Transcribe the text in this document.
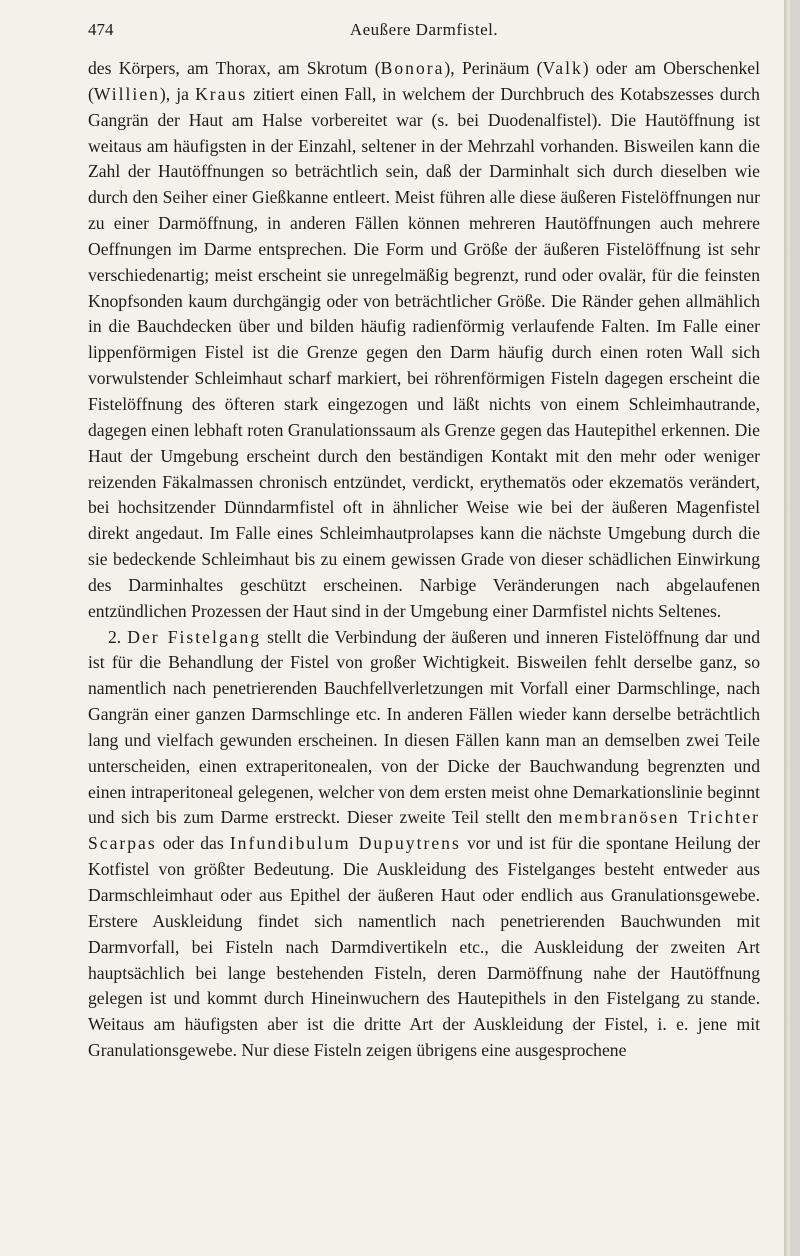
474	Aeußere Darmfistel.

des Körpers, am Thorax, am Skrotum (Bonora), Perinäum (Valk) oder am Oberschenkel (Willien), ja Kraus zitiert einen Fall, in welchem der Durchbruch des Kotabszesses durch Gangrän der Haut am Halse vorbereitet war (s. bei Duodenalfistel). Die Hautöffnung ist weitaus am häufigsten in der Einzahl, seltener in der Mehrzahl vorhanden. Bisweilen kann die Zahl der Hautöffnungen so beträchtlich sein, daß der Darminhalt sich durch dieselben wie durch den Seiher einer Gießkanne entleert. Meist führen alle diese äußeren Fistelöffnungen nur zu einer Darmöffnung, in anderen Fällen können mehreren Hautöffnungen auch mehrere Oeffnungen im Darme entsprechen. Die Form und Größe der äußeren Fistelöffnung ist sehr verschiedenartig; meist erscheint sie unregelmäßig begrenzt, rund oder ovalär, für die feinsten Knopfsonden kaum durchgängig oder von beträchtlicher Größe. Die Ränder gehen allmählich in die Bauchdecken über und bilden häufig radienförmig verlaufende Falten. Im Falle einer lippenförmigen Fistel ist die Grenze gegen den Darm häufig durch einen roten Wall sich vorwulstender Schleimhaut scharf markiert, bei röhrenförmigen Fisteln dagegen erscheint die Fistelöffnung des öfteren stark eingezogen und läßt nichts von einem Schleimhautrande, dagegen einen lebhaft roten Granulationssaum als Grenze gegen das Hautepithel erkennen. Die Haut der Umgebung erscheint durch den beständigen Kontakt mit den mehr oder weniger reizenden Fäkalmassen chronisch entzündet, verdickt, erythematös oder ekzematös verändert, bei hochsitzender Dünndarmfistel oft in ähnlicher Weise wie bei der äußeren Magenfistel direkt angedaut. Im Falle eines Schleimhautprolapses kann die nächste Umgebung durch die sie bedeckende Schleimhaut bis zu einem gewissen Grade von dieser schädlichen Einwirkung des Darminhaltes geschützt erscheinen. Narbige Veränderungen nach abgelaufenen entzündlichen Prozessen der Haut sind in der Umgebung einer Darmfistel nichts Seltenes.

2. Der Fistelgang stellt die Verbindung der äußeren und inneren Fistelöffnung dar und ist für die Behandlung der Fistel von großer Wichtigkeit. Bisweilen fehlt derselbe ganz, so namentlich nach penetrierenden Bauchfellverletzungen mit Vorfall einer Darmschlinge, nach Gangrän einer ganzen Darmschlinge etc. In anderen Fällen wieder kann derselbe beträchtlich lang und vielfach gewunden erscheinen. In diesen Fällen kann man an demselben zwei Teile unterscheiden, einen extraperitonealen, von der Dicke der Bauchwandung begrenzten und einen intraperitoneal gelegenen, welcher von dem ersten meist ohne Demarkationslinie beginnt und sich bis zum Darme erstreckt. Dieser zweite Teil stellt den membranösen Trichter Scarpas oder das Infundibulum Dupuytrens vor und ist für die spontane Heilung der Kotfistel von größter Bedeutung. Die Auskleidung des Fistelganges besteht entweder aus Darmschleimhaut oder aus Epithel der äußeren Haut oder endlich aus Granulationsgewebe. Erstere Auskleidung findet sich namentlich nach penetrierenden Bauchwunden mit Darmvorfall, bei Fisteln nach Darmdivertikeln etc., die Auskleidung der zweiten Art hauptsächlich bei lange bestehenden Fisteln, deren Darmöffnung nahe der Hautöffnung gelegen ist und kommt durch Hineinwuchern des Hautepithels in den Fistelgang zu stande. Weitaus am häufigsten aber ist die dritte Art der Auskleidung der Fistel, i. e. jene mit Granulationsgewebe. Nur diese Fisteln zeigen übrigens eine ausgesprochene
